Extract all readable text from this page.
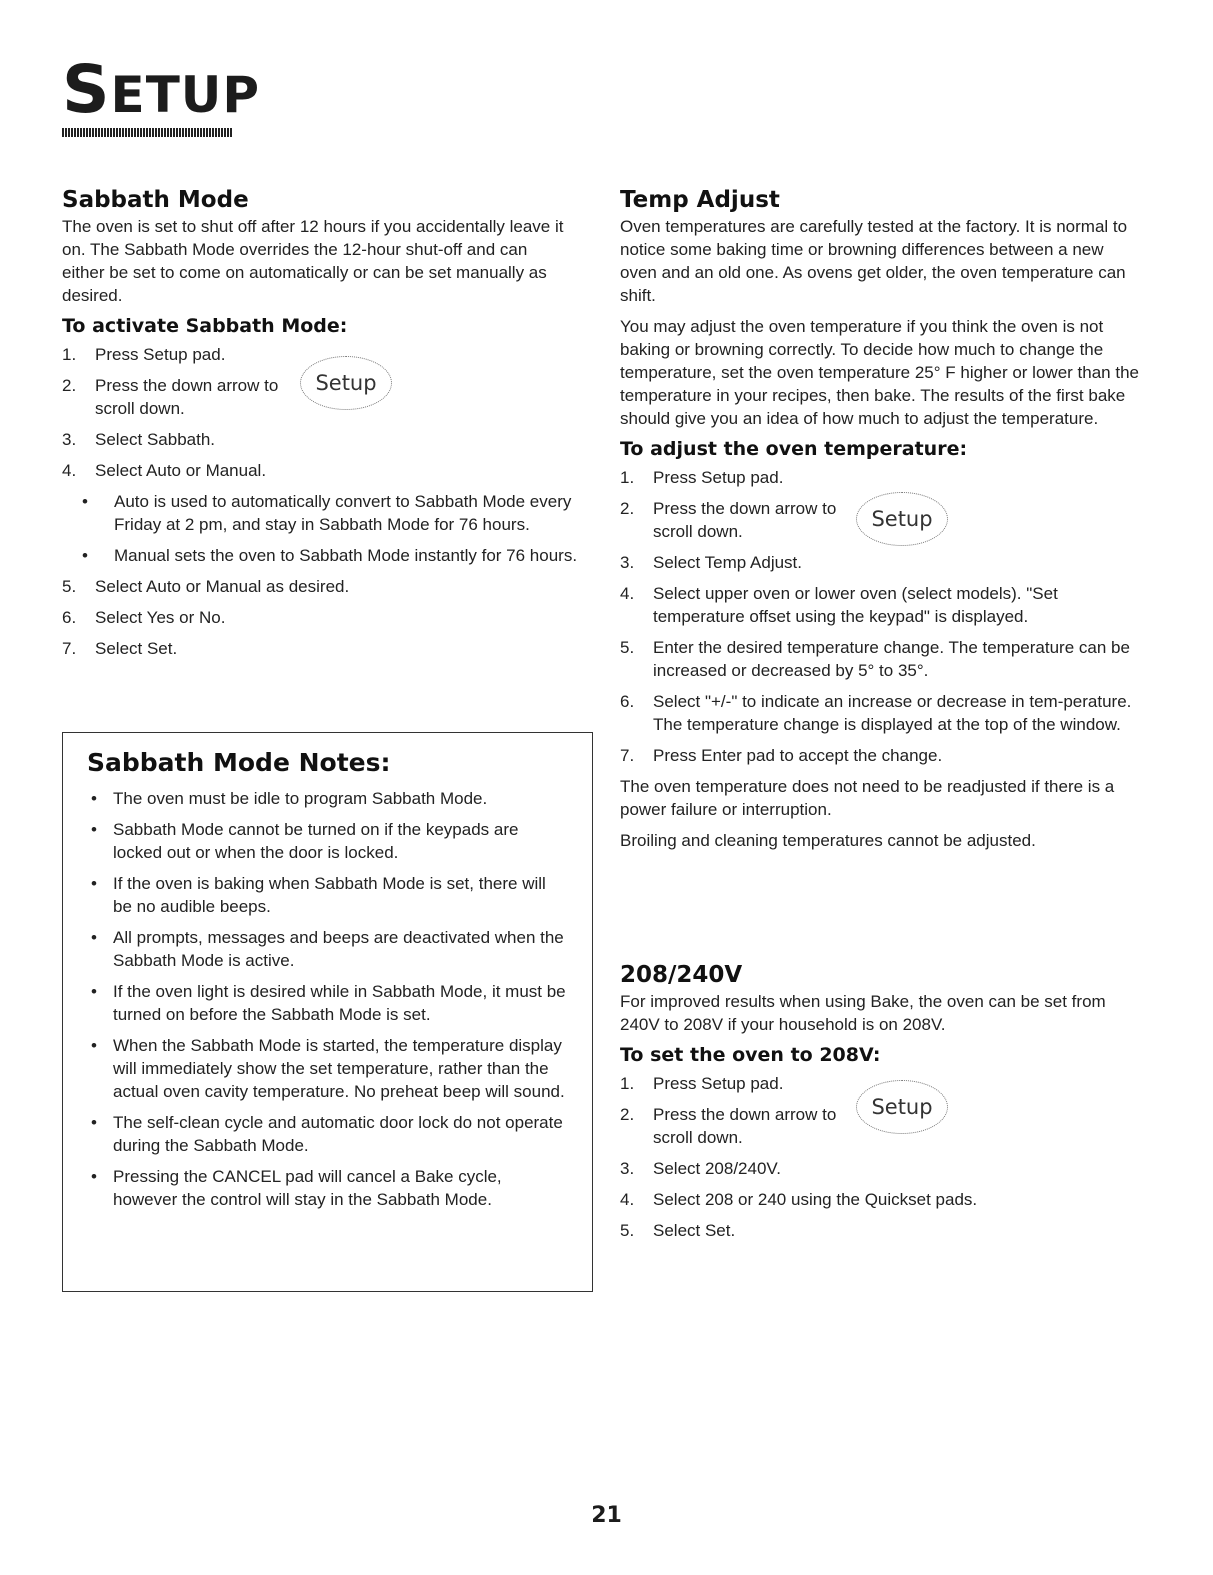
SETUP
Sabbath Mode

The oven is set to shut off after 12 hours if you accidentally leave it on. The Sabbath Mode overrides the 12-hour shut-off and can either be set to come on automatically or can be set manually as desired.

To activate Sabbath Mode:
1. Press Setup pad.
2. Press the down arrow to scroll down.
3. Select Sabbath.
4. Select Auto or Manual.
• Auto is used to automatically convert to Sabbath Mode every Friday at 2 pm, and stay in Sabbath Mode for 76 hours.
• Manual sets the oven to Sabbath Mode instantly for 76 hours.
5. Select Auto or Manual as desired.
6. Select Yes or No.
7. Select Set.
Setup
Sabbath Mode Notes:
• The oven must be idle to program Sabbath Mode.
• Sabbath Mode cannot be turned on if the keypads are locked out or when the door is locked.
• If the oven is baking when Sabbath Mode is set, there will be no audible beeps.
• All prompts, messages and beeps are deactivated when the Sabbath Mode is active.
• If the oven light is desired while in Sabbath Mode, it must be turned on before the Sabbath Mode is set.
• When the Sabbath Mode is started, the temperature display will immediately show the set temperature, rather than the actual oven cavity temperature. No preheat beep will sound.
• The self-clean cycle and automatic door lock do not operate during the Sabbath Mode.
• Pressing the CANCEL pad will cancel a Bake cycle, however the control will stay in the Sabbath Mode.
Temp Adjust

Oven temperatures are carefully tested at the factory. It is normal to notice some baking time or browning differences between a new oven and an old one. As ovens get older, the oven temperature can shift.

You may adjust the oven temperature if you think the oven is not baking or browning correctly. To decide how much to change the temperature, set the oven temperature 25° F higher or lower than the temperature in your recipes, then bake. The results of the first bake should give you an idea of how much to adjust the temperature.

To adjust the oven temperature:
1. Press Setup pad.
2. Press the down arrow to scroll down.
3. Select Temp Adjust.
4. Select upper oven or lower oven (select models). "Set temperature offset using the keypad" is displayed.
5. Enter the desired temperature change. The temperature can be increased or decreased by 5° to 35°.
6. Select "+/-" to indicate an increase or decrease in tem-perature. The temperature change is displayed at the top of the window.
7. Press Enter pad to accept the change.

The oven temperature does not need to be readjusted if there is a power failure or interruption.

Broiling and cleaning temperatures cannot be adjusted.

Setup
208/240V

For improved results when using Bake, the oven can be set from 240V to 208V if your household is on 208V.

To set the oven to 208V:
1. Press Setup pad.
2. Press the down arrow to scroll down.
3. Select 208/240V.
4. Select 208 or 240 using the Quickset pads.
5. Select Set.
Setup
21
